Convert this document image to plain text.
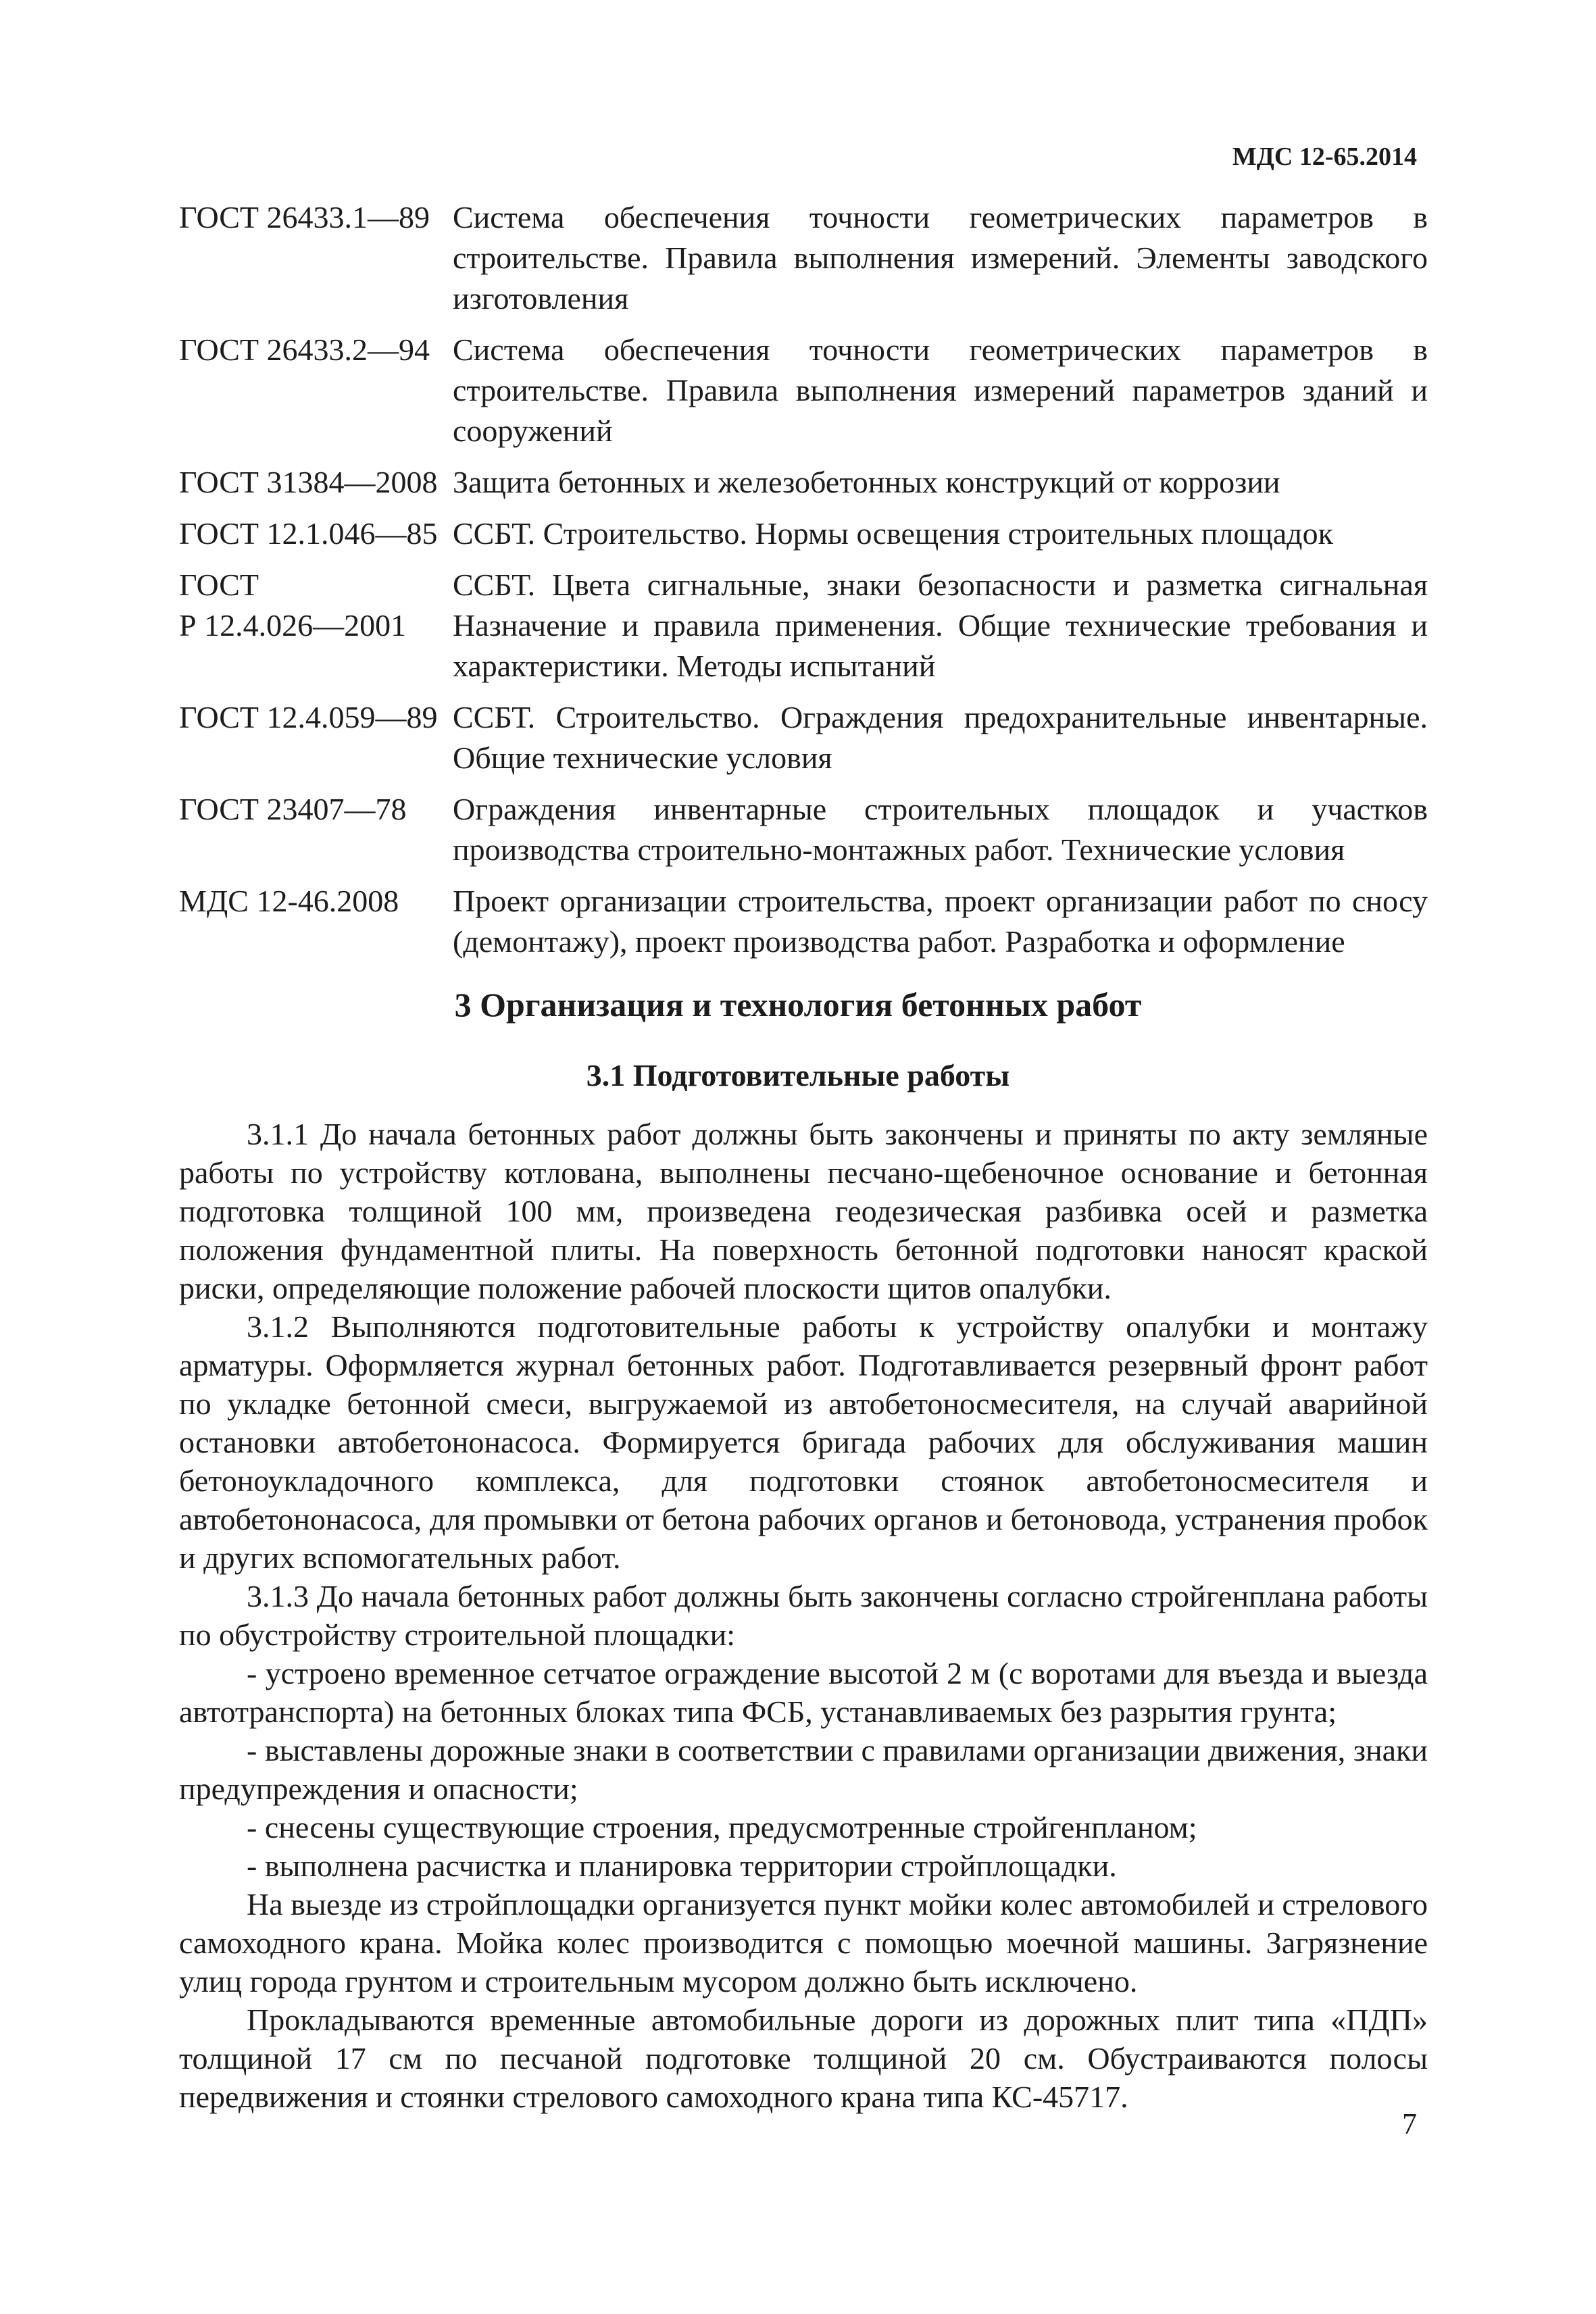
МДС 12-65.2014
ГОСТ 26433.1—89 Система обеспечения точности геометрических параметров в строительстве. Правила выполнения измерений. Элементы заводского изготовления
ГОСТ 26433.2—94 Система обеспечения точности геометрических параметров в строительстве. Правила выполнения измерений параметров зданий и сооружений
ГОСТ 31384—2008 Защита бетонных и железобетонных конструкций от коррозии
ГОСТ 12.1.046—85 ССБТ. Строительство. Нормы освещения строительных площадок
ГОСТ
Р 12.4.026—2001
ССБТ. Цвета сигнальные, знаки безопасности и разметка сигнальная Назначение и правила применения. Общие технические требования и характеристики. Методы испытаний
ГОСТ 12.4.059—89 ССБТ. Строительство. Ограждения предохранительные инвентарные. Общие технические условия
ГОСТ 23407—78	Ограждения инвентарные строительных площадок и участков производства строительно-монтажных работ. Технические условия
МДС 12-46.2008	Проект организации строительства, проект организации работ по сносу (демонтажу), проект производства работ. Разработка и оформление
3 Организация и технология бетонных работ
3.1 Подготовительные работы

3.1.1 До начала бетонных работ должны быть закончены и приняты по акту земляные работы по устройству котлована, выполнены песчано-щебеночное основание и бетонная подготовка толщиной 100 мм, произведена геодезическая разбивка осей и разметка положения фундаментной плиты. На поверхность бетонной подготовки наносят краской риски, определяющие положение рабочей плоскости щитов опалубки.

3.1.2 Выполняются подготовительные работы к устройству опалубки и монтажу арматуры. Оформляется журнал бетонных работ. Подготавливается резервный фронт работ по укладке бетонной смеси, выгружаемой из автобетоносмесителя, на случай аварийной остановки автобетононасоса. Формируется бригада рабочих для обслуживания машин бетоноукладочного комплекса, для подготовки стоянок автобетоносмесителя и автобетононасоса, для промывки от бетона рабочих органов и бетоновода, устранения пробок и других вспомогательных работ.

3.1.3 До начала бетонных работ должны быть закончены согласно стройгенплана работы по обустройству строительной площадки:

- устроено временное сетчатое ограждение высотой 2 м (с воротами для въезда и выезда автотранспорта) на бетонных блоках типа ФСБ, устанавливаемых без разрытия грунта;

- выставлены дорожные знаки в соответствии с правилами организации движения, знаки предупреждения и опасности;

- снесены существующие строения, предусмотренные стройгенпланом;

- выполнена расчистка и планировка территории стройплощадки.

На выезде из стройплощадки организуется пункт мойки колес автомобилей и стрелового самоходного крана. Мойка колес производится с помощью моечной машины. Загрязнение улиц города грунтом и строительным мусором должно быть исключено.

Прокладываются временные автомобильные дороги из дорожных плит типа «ПДП» толщиной 17 см по песчаной подготовке толщиной 20 см. Обустраиваются полосы передвижения и стоянки стрелового самоходного крана типа КС-45717.

7
